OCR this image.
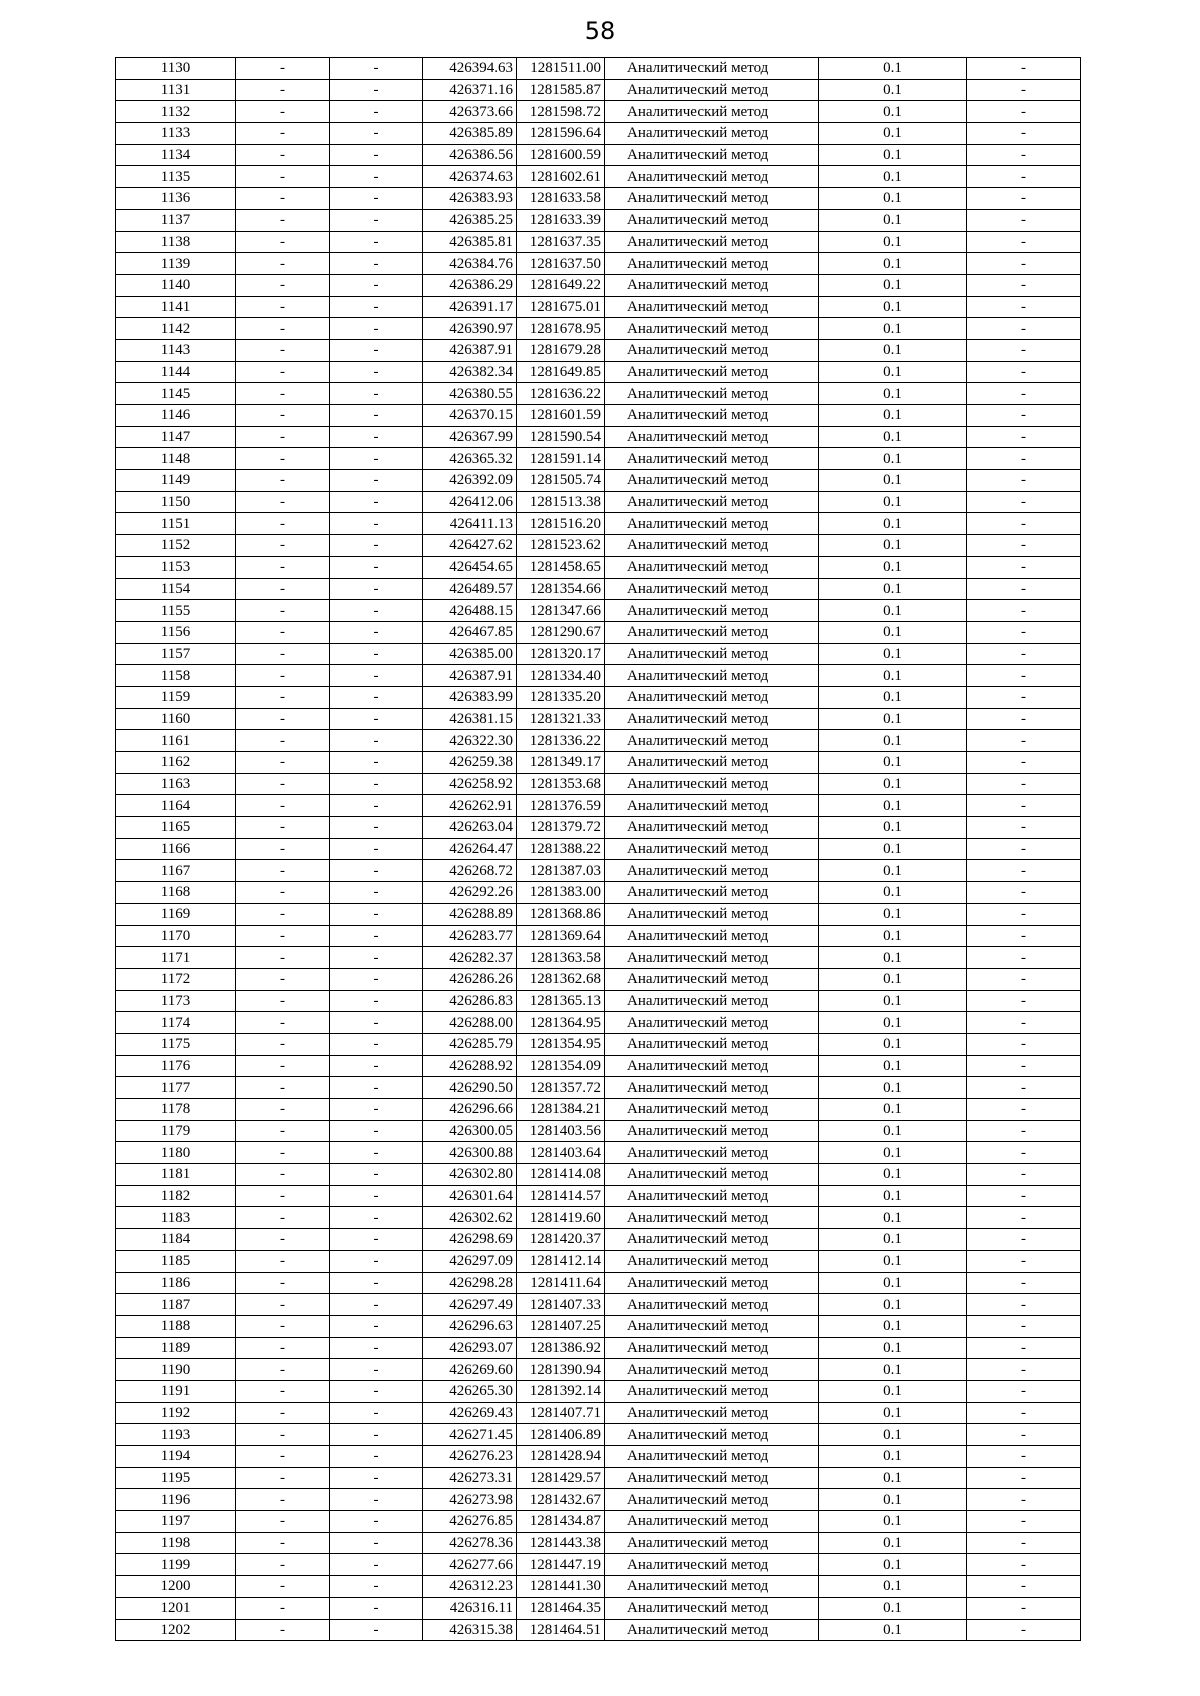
58
1130	-	-	426394.63	1281511.00	Аналитический метод	0.1	-
1131	-	-	426371.16	1281585.87	Аналитический метод	0.1	-
1132	-	-	426373.66	1281598.72	Аналитический метод	0.1	-
1133	-	-	426385.89	1281596.64	Аналитический метод	0.1	-
1134	-	-	426386.56	1281600.59	Аналитический метод	0.1	-
1135	-	-	426374.63	1281602.61	Аналитический метод	0.1	-
1136	-	-	426383.93	1281633.58	Аналитический метод	0.1	-
1137	-	-	426385.25	1281633.39	Аналитический метод	0.1	-
1138	-	-	426385.81	1281637.35	Аналитический метод	0.1	-
1139	-	-	426384.76	1281637.50	Аналитический метод	0.1	-
1140	-	-	426386.29	1281649.22	Аналитический метод	0.1	-
1141	-	-	426391.17	1281675.01	Аналитический метод	0.1	-
1142	-	-	426390.97	1281678.95	Аналитический метод	0.1	-
1143	-	-	426387.91	1281679.28	Аналитический метод	0.1	-
1144	-	-	426382.34	1281649.85	Аналитический метод	0.1	-
1145	-	-	426380.55	1281636.22	Аналитический метод	0.1	-
1146	-	-	426370.15	1281601.59	Аналитический метод	0.1	-
1147	-	-	426367.99	1281590.54	Аналитический метод	0.1	-
1148	-	-	426365.32	1281591.14	Аналитический метод	0.1	-
1149	-	-	426392.09	1281505.74	Аналитический метод	0.1	-
1150	-	-	426412.06	1281513.38	Аналитический метод	0.1	-
1151	-	-	426411.13	1281516.20	Аналитический метод	0.1	-
1152	-	-	426427.62	1281523.62	Аналитический метод	0.1	-
1153	-	-	426454.65	1281458.65	Аналитический метод	0.1	-
1154	-	-	426489.57	1281354.66	Аналитический метод	0.1	-
1155	-	-	426488.15	1281347.66	Аналитический метод	0.1	-
1156	-	-	426467.85	1281290.67	Аналитический метод	0.1	-
1157	-	-	426385.00	1281320.17	Аналитический метод	0.1	-
1158	-	-	426387.91	1281334.40	Аналитический метод	0.1	-
1159	-	-	426383.99	1281335.20	Аналитический метод	0.1	-
1160	-	-	426381.15	1281321.33	Аналитический метод	0.1	-
1161	-	-	426322.30	1281336.22	Аналитический метод	0.1	-
1162	-	-	426259.38	1281349.17	Аналитический метод	0.1	-
1163	-	-	426258.92	1281353.68	Аналитический метод	0.1	-
1164	-	-	426262.91	1281376.59	Аналитический метод	0.1	-
1165	-	-	426263.04	1281379.72	Аналитический метод	0.1	-
1166	-	-	426264.47	1281388.22	Аналитический метод	0.1	-
1167	-	-	426268.72	1281387.03	Аналитический метод	0.1	-
1168	-	-	426292.26	1281383.00	Аналитический метод	0.1	-
1169	-	-	426288.89	1281368.86	Аналитический метод	0.1	-
1170	-	-	426283.77	1281369.64	Аналитический метод	0.1	-
1171	-	-	426282.37	1281363.58	Аналитический метод	0.1	-
1172	-	-	426286.26	1281362.68	Аналитический метод	0.1	-
1173	-	-	426286.83	1281365.13	Аналитический метод	0.1	-
1174	-	-	426288.00	1281364.95	Аналитический метод	0.1	-
1175	-	-	426285.79	1281354.95	Аналитический метод	0.1	-
1176	-	-	426288.92	1281354.09	Аналитический метод	0.1	-
1177	-	-	426290.50	1281357.72	Аналитический метод	0.1	-
1178	-	-	426296.66	1281384.21	Аналитический метод	0.1	-
1179	-	-	426300.05	1281403.56	Аналитический метод	0.1	-
1180	-	-	426300.88	1281403.64	Аналитический метод	0.1	-
1181	-	-	426302.80	1281414.08	Аналитический метод	0.1	-
1182	-	-	426301.64	1281414.57	Аналитический метод	0.1	-
1183	-	-	426302.62	1281419.60	Аналитический метод	0.1	-
1184	-	-	426298.69	1281420.37	Аналитический метод	0.1	-
1185	-	-	426297.09	1281412.14	Аналитический метод	0.1	-
1186	-	-	426298.28	1281411.64	Аналитический метод	0.1	-
1187	-	-	426297.49	1281407.33	Аналитический метод	0.1	-
1188	-	-	426296.63	1281407.25	Аналитический метод	0.1	-
1189	-	-	426293.07	1281386.92	Аналитический метод	0.1	-
1190	-	-	426269.60	1281390.94	Аналитический метод	0.1	-
1191	-	-	426265.30	1281392.14	Аналитический метод	0.1	-
1192	-	-	426269.43	1281407.71	Аналитический метод	0.1	-
1193	-	-	426271.45	1281406.89	Аналитический метод	0.1	-
1194	-	-	426276.23	1281428.94	Аналитический метод	0.1	-
1195	-	-	426273.31	1281429.57	Аналитический метод	0.1	-
1196	-	-	426273.98	1281432.67	Аналитический метод	0.1	-
1197	-	-	426276.85	1281434.87	Аналитический метод	0.1	-
1198	-	-	426278.36	1281443.38	Аналитический метод	0.1	-
1199	-	-	426277.66	1281447.19	Аналитический метод	0.1	-
1200	-	-	426312.23	1281441.30	Аналитический метод	0.1	-
1201	-	-	426316.11	1281464.35	Аналитический метод	0.1	-
1202	-	-	426315.38	1281464.51	Аналитический метод	0.1	-
